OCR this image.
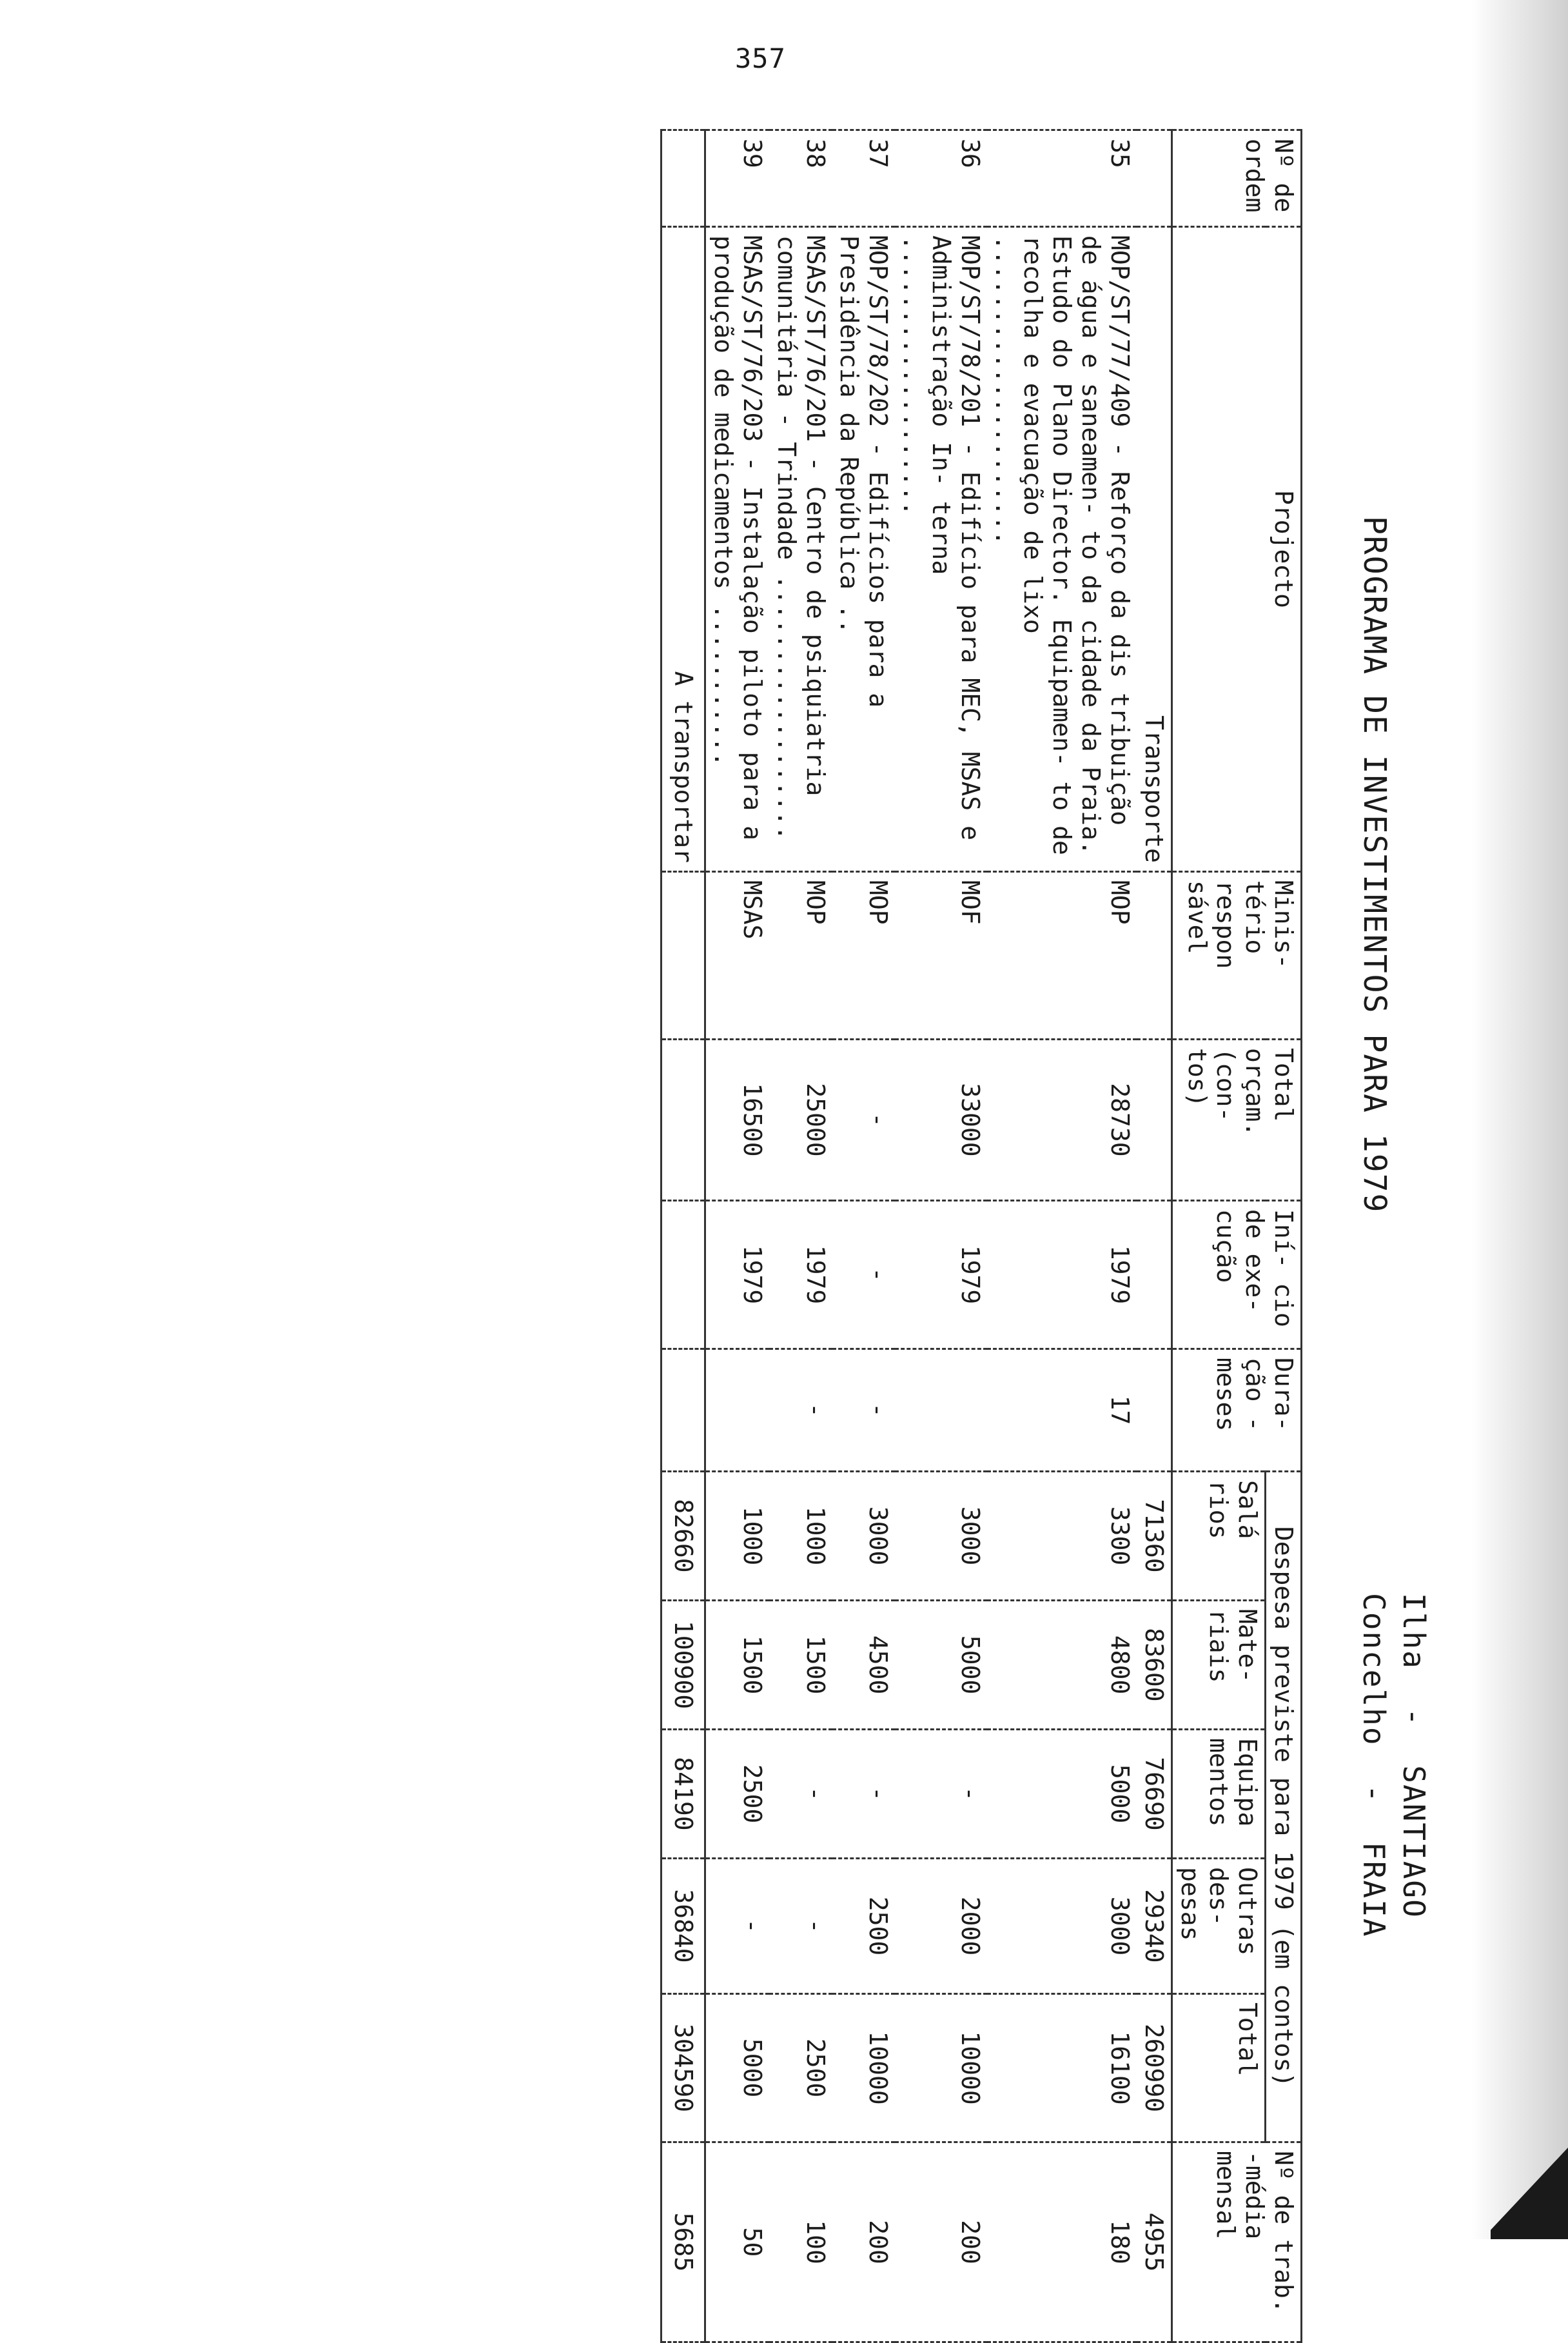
357
PROGRAMA DE INVESTIMENTOS PARA 1979
Ilha  -  SANTIAGO
Concelho  -  FRAIA
Nº de ordem	Projecto	Minis- tério respon sável	Total orçam. (con- tos)	Iní- cio de exe- cução	Dura- ção -meses	Despesa previste para 1979 (em contos)					Nº de trab. -média mensal
						Salá rios	Mate- riais	Equipa mentos	Outras des- pesas	Total	
	Transporte					71360	83600	76690	29340	260990	4955
35	MOP/ST/77/409 - Reforço da dis tribuição de água e saneamen- to da cidade da Praia. Estudo do Plano Director. Equipamen- to de recolha e evacuação de lixo .....................	MOP	28730	1979	17	3300	4800	5000	3000	16100	180
36	MOP/ST/78/201 - Edifício para MEC, MSAS e Administração In- terna ...................	MOF	33000	1979		3000	5000	-	2000	10000	200
37	MOP/ST/78/202 - Edifícios para a Presidência da República ..	MOP	-	-	-	3000	4500	-	2500	10000	200
38	MSAS/ST/76/201 - Centro de psiquiatria comunitária - Trindade ..................	MOP	25000	1979	-	1000	1500	-	-	2500	100
39	MSAS/ST/76/203 - Instalação piloto para a produção de medicamentos ...........	MSAS	16500	1979		1000	1500	2500	-	5000	50
	A transportar					82660	100900	84190	36840	304590	5685
